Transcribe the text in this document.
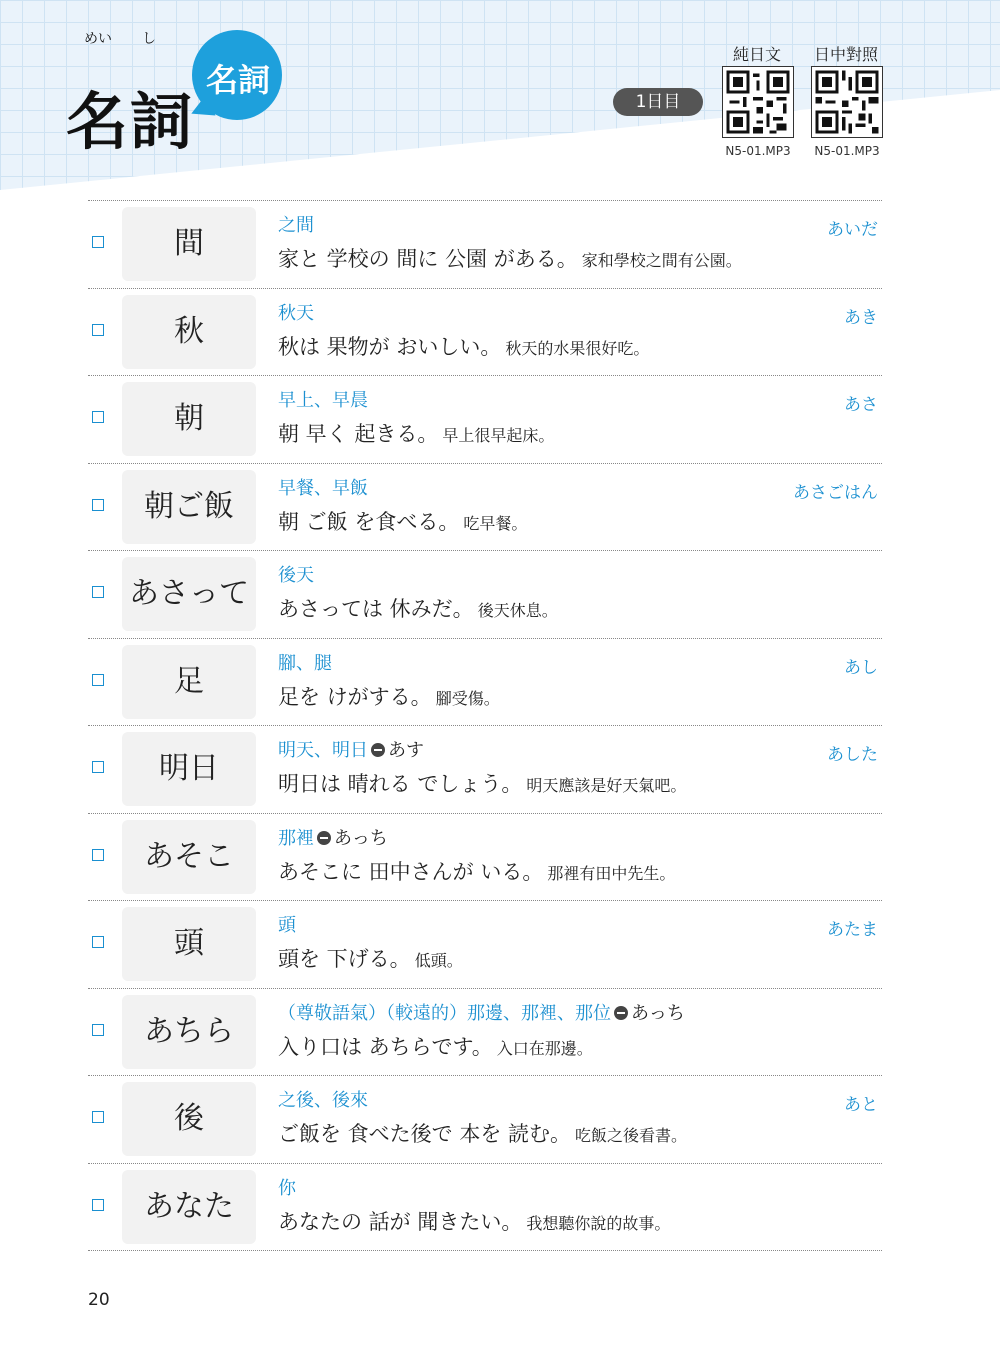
めい し
名詞
名詞
1日目
純日文
N5-01.MP3
日中對照
N5-01.MP3
間
之間	あいだ
家と 学校の 間に 公園 がある。 家和學校之間有公園。
秋
秋天	あき
秋は 果物が おいしい。 秋天的水果很好吃。
朝
早上、早晨	あさ
朝 早く 起きる。 早上很早起床。
朝ご飯
早餐、早飯	あさごはん
朝 ご飯 を食べる。 吃早餐。
あさって
後天
あさっては 休みだ。 後天休息。
足
腳、腿	あし
足を けがする。 腳受傷。
明日
明天、明日 あす	あした
明日は 晴れる でしょう。 明天應該是好天氣吧。
あそこ
那裡 あっち
あそこに 田中さんが いる。 那裡有田中先生。
頭
頭	あたま
頭を 下げる。 低頭。
あちら
（尊敬語氣）（較遠的）那邊、那裡、那位 あっち
入り口は あちらです。 入口在那邊。
後
之後、後來	あと
ご飯を 食べた後で 本を 読む。 吃飯之後看書。
あなた
你
あなたの 話が 聞きたい。 我想聽你說的故事。
20
